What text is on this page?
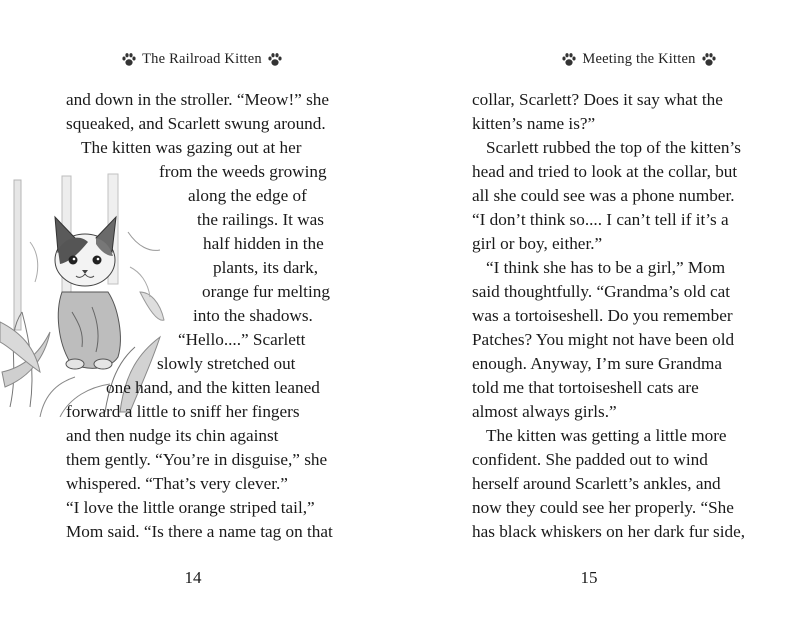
The Railroad Kitten
and down in the stroller. “Meow!” she
squeaked, and Scarlett swung around.
The kitten was gazing out at her
from the weeds growing
along the edge of
the railings. It was
half hidden in the
plants, its dark,
orange fur melting
into the shadows.
“Hello....” Scarlett
slowly stretched out
one hand, and the kitten leaned
forward a little to sniff her fingers
and then nudge its chin against
them gently. “You’re in disguise,” she
whispered. “That’s very clever.”
“I love the little orange striped tail,”
Mom said. “Is there a name tag on that
14
Meeting the Kitten
collar, Scarlett? Does it say what the
kitten’s name is?”
Scarlett rubbed the top of the kitten’s
head and tried to look at the collar, but
all she could see was a phone number.
“I don’t think so.... I can’t tell if it’s a
girl or boy, either.”
“I think she has to be a girl,” Mom
said thoughtfully. “Grandma’s old cat
was a tortoiseshell. Do you remember
Patches? You might not have been old
enough. Anyway, I’m sure Grandma
told me that tortoiseshell cats are
almost always girls.”
The kitten was getting a little more
confident. She padded out to wind
herself around Scarlett’s ankles, and
now they could see her properly. “She
has black whiskers on her dark fur side,
15
